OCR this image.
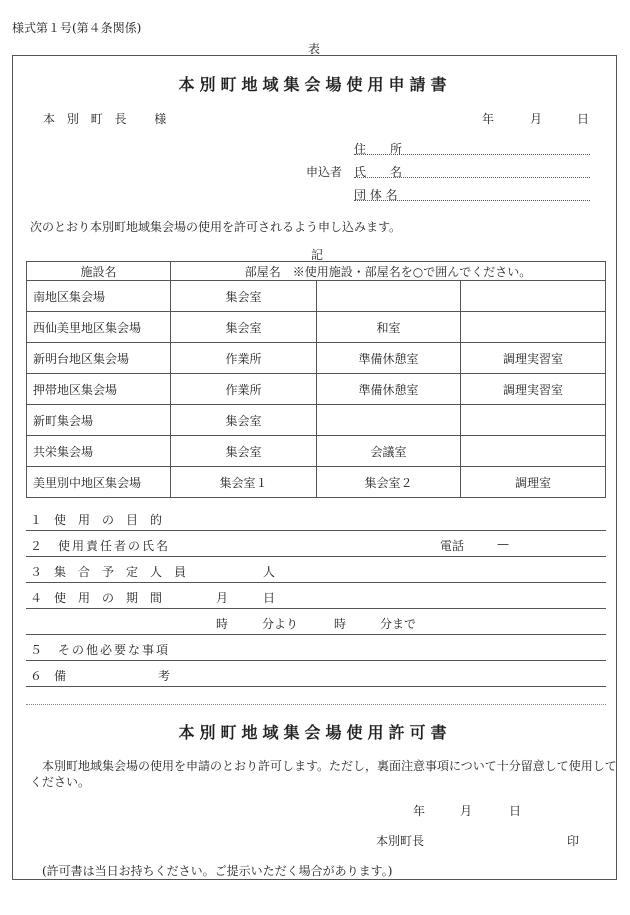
様式第１号(第４条関係)
表
本別町地域集会場使用申請書
本 別 町 長　 様	年	月	日
住　　所
申込者 氏　　名
団 体 名
次のとおり本別町地域集会場の使用を許可されるよう申し込みます。
記
施設名	部屋名　※使用施設・部屋名を○で囲んでください。		
南地区集会場	集会室		
西仙美里地区集会場	集会室	和室	
新明台地区集会場	作業所	準備休憩室	調理実習室
押帯地区集会場	作業所	準備休憩室	調理実習室
新町集会場	集会室		
共栄集会場	集会室	会議室	
美里別中地区集会場	集会室１	集会室２	調理室
１　使　用　の　目　的
２　使用責任者の氏名	電話	—
３　集　合　予　定　人　員	人
４　使　用　の　期　間	月	日
時	分より	時	分まで
５　その他必要な事項
６　備	考
本別町地域集会場使用許可書
本別町地域集会場の使用を申請のとおり許可します。ただし，裏面注意事項について十分留意して使用して
ください。
年	月	日
本別町長	印
(許可書は当日お持ちください。ご提示いただく場合があります。)
